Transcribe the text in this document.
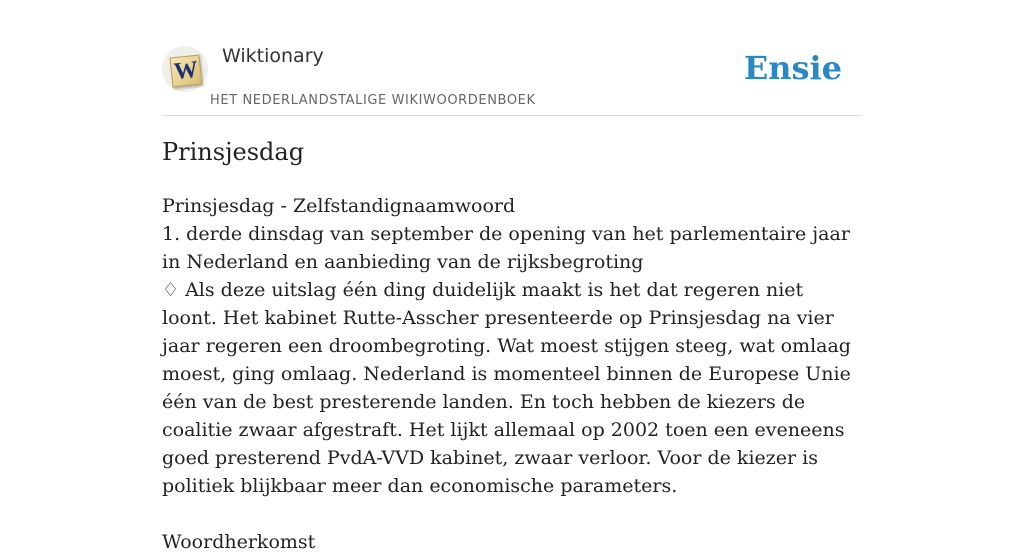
W
Wiktionary
HET NEDERLANDSTALIGE WIKIWOORDENBOEK
Ensie
Prinsjesdag

Prinsjesdag - Zelfstandignaamwoord

1. derde dinsdag van september de opening van het parlementaire jaar in Nederland en aanbieding van de rijksbegroting

♢ Als deze uitslag één ding duidelijk maakt is het dat regeren niet loont. Het kabinet Rutte-Asscher presenteerde op Prinsjesdag na vier jaar regeren een droombegroting. Wat moest stijgen steeg, wat omlaag moest, ging omlaag. Nederland is momenteel binnen de Europese Unie één van de best presterende landen. En toch hebben de kiezers de coalitie zwaar afgestraft. Het lijkt allemaal op 2002 toen een eveneens goed presterend PvdA-VVD kabinet, zwaar verloor. Voor de kiezer is politiek blijkbaar meer dan economische parameters.

Woordherkomst
